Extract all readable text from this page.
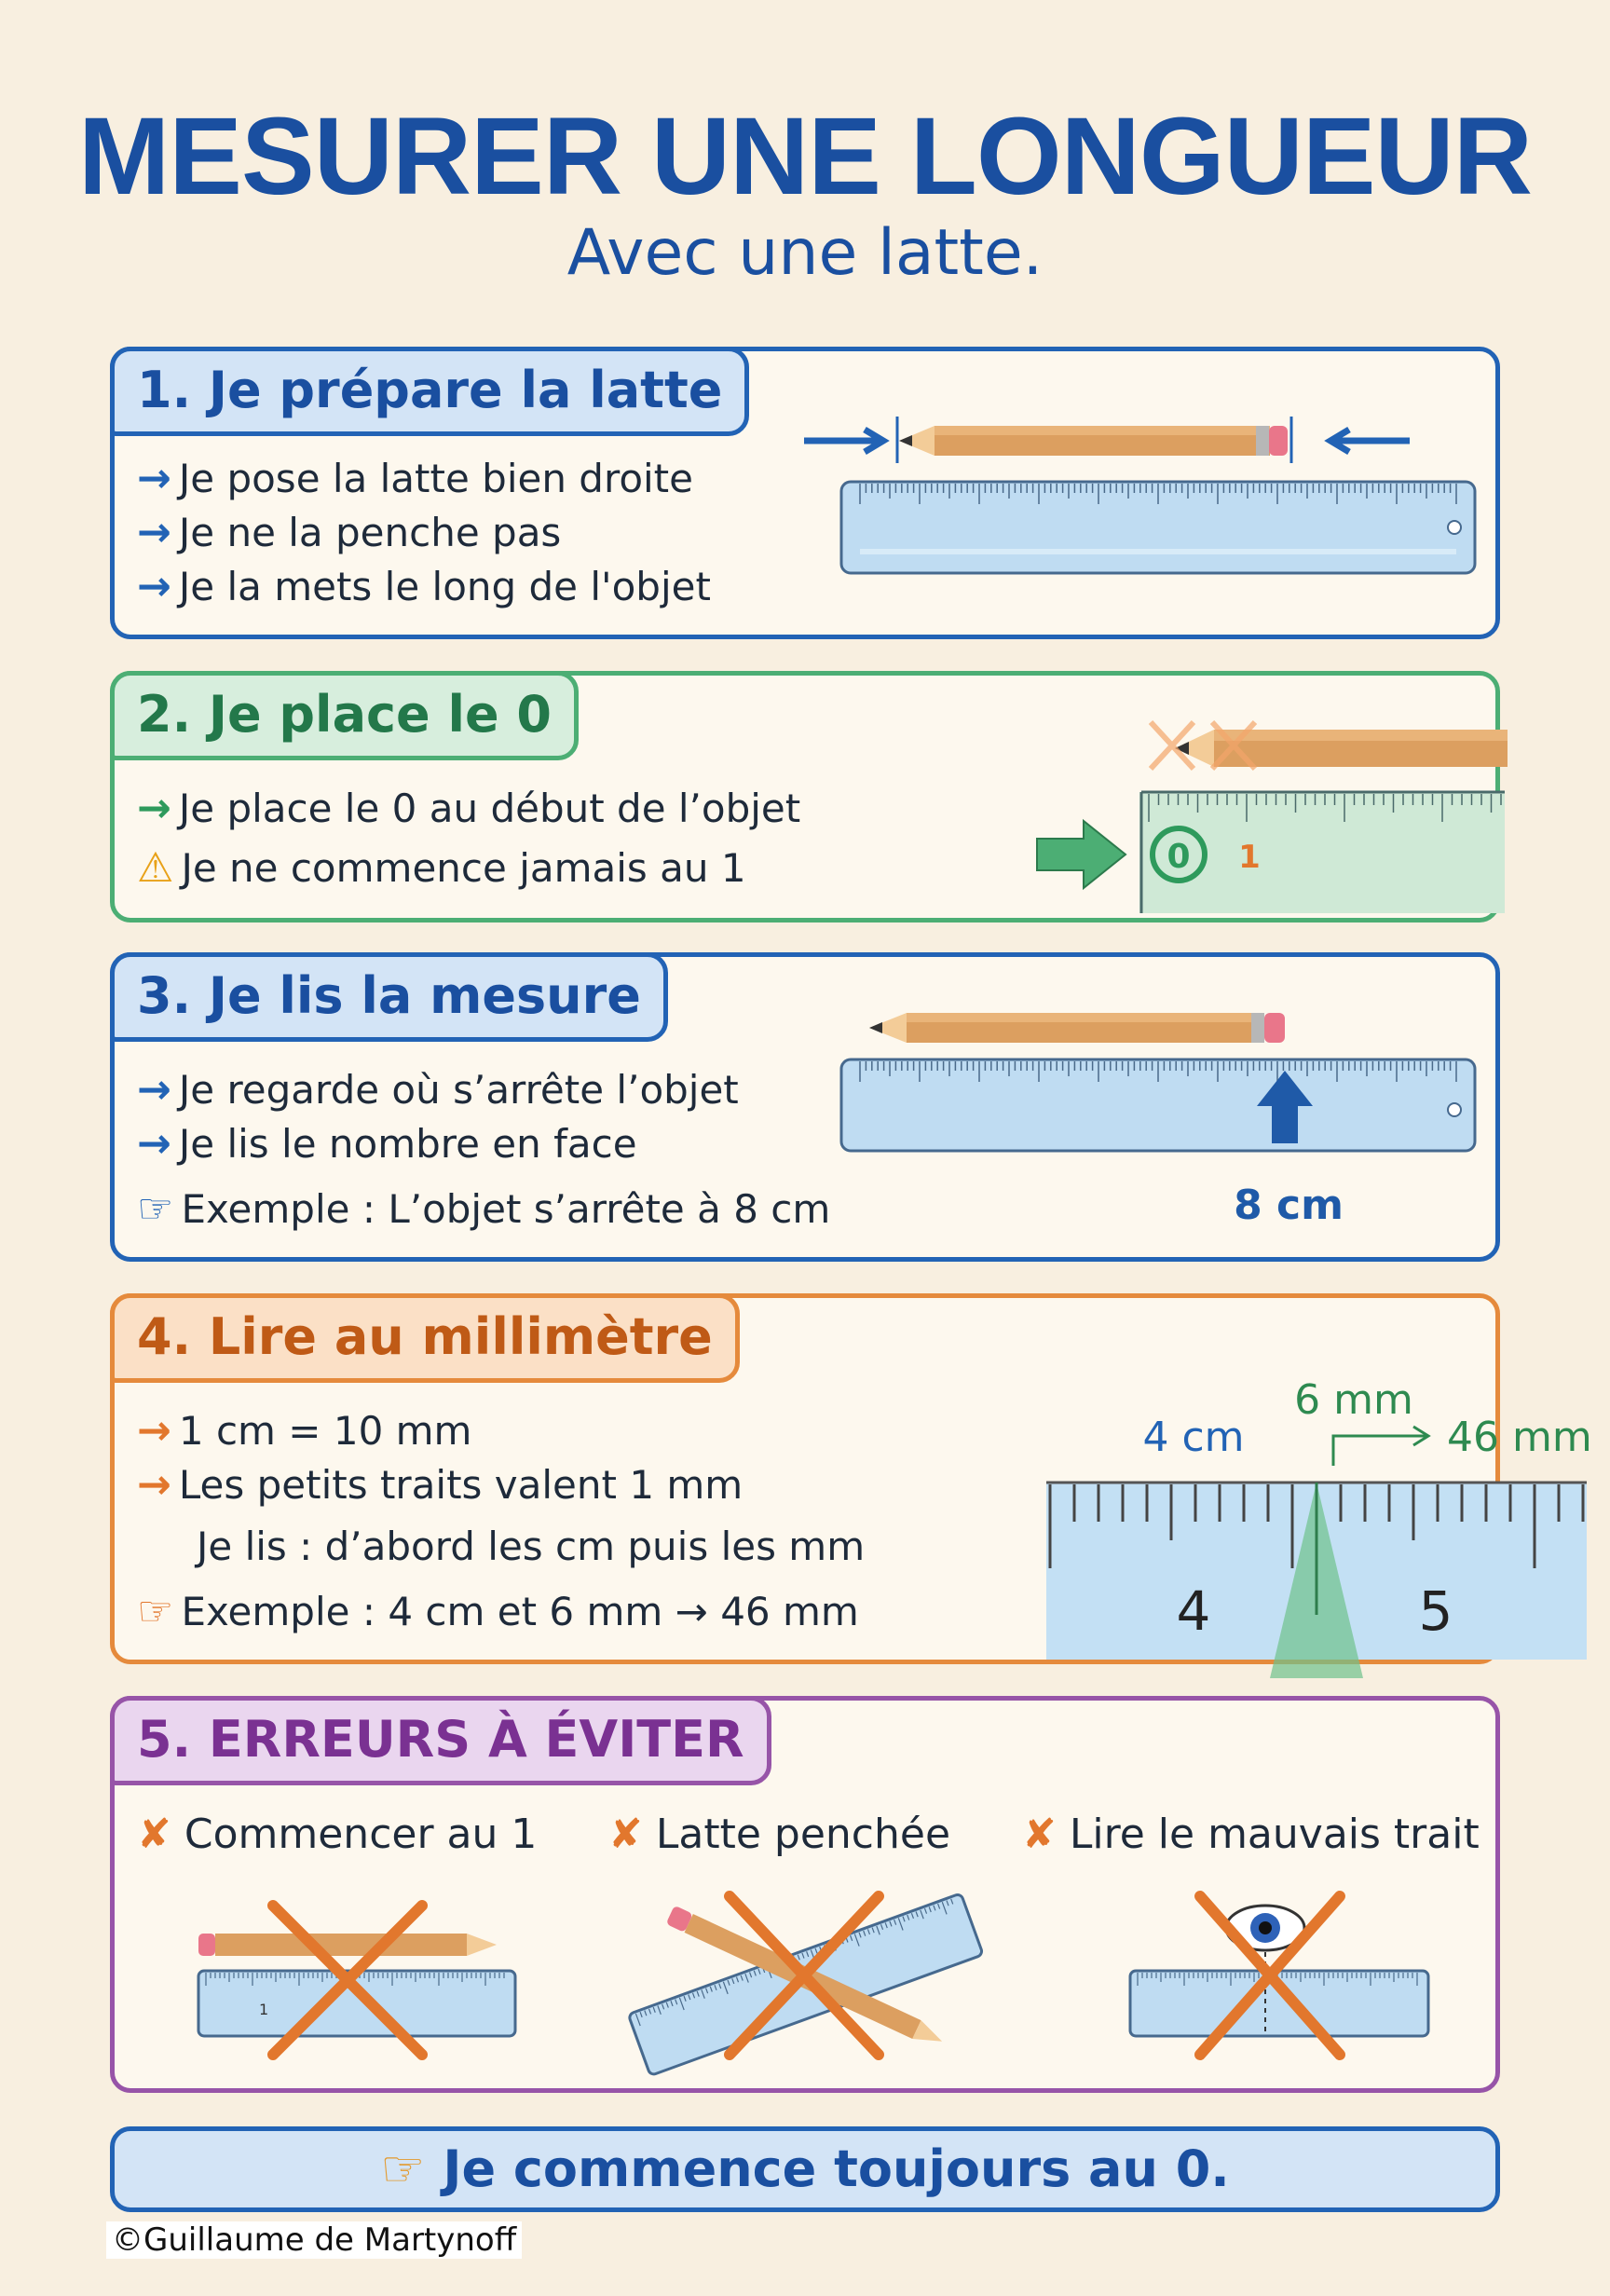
MESURER UNE LONGUEUR
Avec une latte.
1. Je prépare la latte
→ Je pose la latte bien droite
→ Je ne la penche pas
→ Je la mets le long de l'objet
2. Je place le 0
→ Je place le 0 au début de l’objet
⚠ Je ne commence jamais au 1	0 1
3. Je lis la mesure
→ Je regarde où s’arrête l’objet
→ Je lis le nombre en face
☞ Exemple : L’objet s’arrête à 8 cm	8 cm
4. Lire au millimètre
→ 1 cm = 10 mm
→ Les petits traits valent 1 mm
Je lis : d’abord les cm puis les mm
☞ Exemple : 4 cm et 6 mm → 46 mm	4	5
4 cm
6 mm
46 mm
5. ERREURS À ÉVITER
✘ Commencer au 1 ✘ Latte penchée ✘ Lire le mauvais trait
1
☞ Je commence toujours au 0.
©Guillaume de Martynoff
